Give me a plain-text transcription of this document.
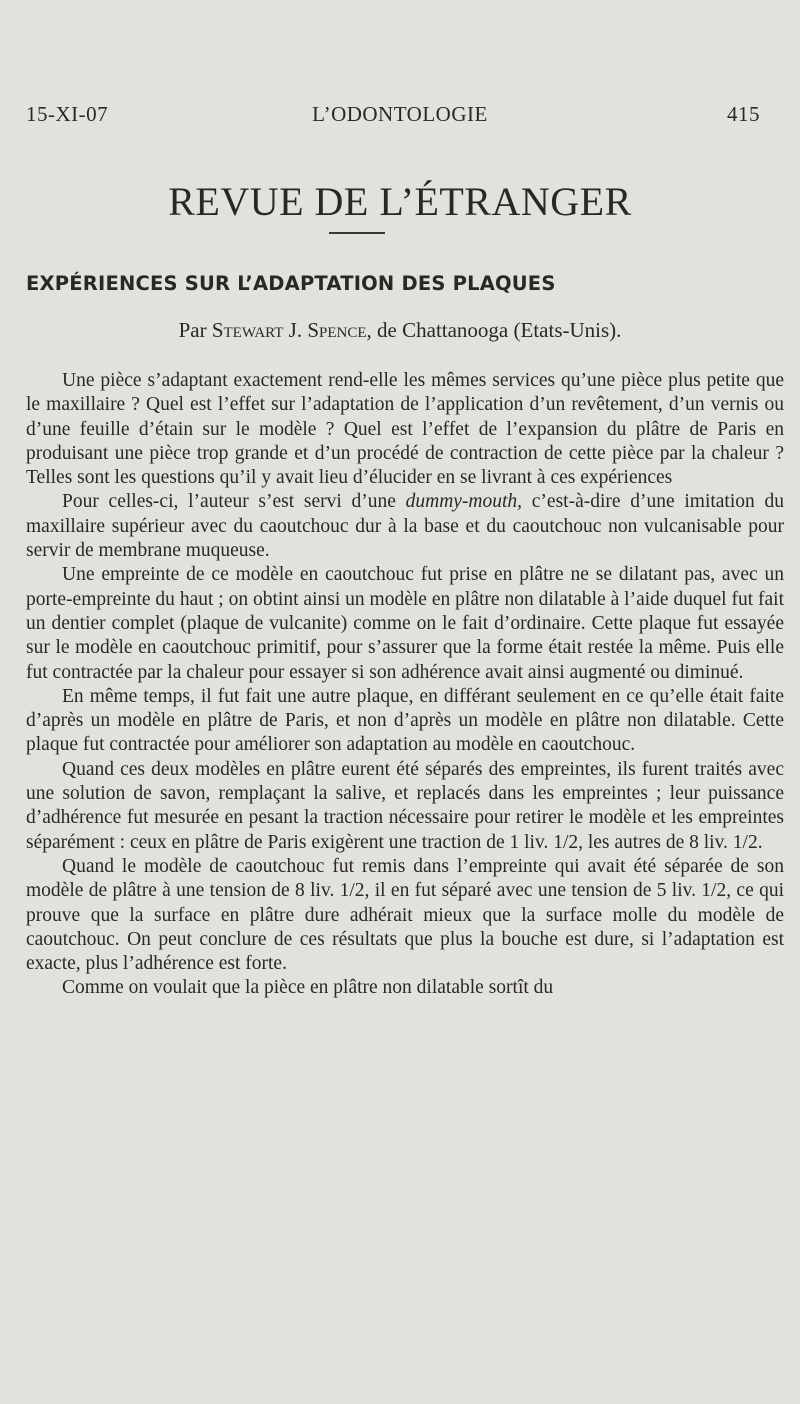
15-XI-07	L’ODONTOLOGIE	415
REVUE DE L’ÉTRANGER
EXPÉRIENCES SUR L’ADAPTATION DES PLAQUES
Par Stewart J. Spence, de Chattanooga (Etats-Unis).

Une pièce s’adaptant exactement rend-elle les mêmes services qu’une pièce plus petite que le maxillaire ? Quel est l’effet sur l’adaptation de l’application d’un revêtement, d’un vernis ou d’une feuille d’étain sur le modèle ? Quel est l’effet de l’expansion du plâtre de Paris en produisant une pièce trop grande et d’un procédé de contraction de cette pièce par la chaleur ? Telles sont les questions qu’il y avait lieu d’élucider en se livrant à ces expériences

Pour celles-ci, l’auteur s’est servi d’une dummy-mouth, c’est-à-dire d’une imitation du maxillaire supérieur avec du caoutchouc dur à la base et du caoutchouc non vulcanisable pour servir de membrane muqueuse.

Une empreinte de ce modèle en caoutchouc fut prise en plâtre ne se dilatant pas, avec un porte-empreinte du haut ; on obtint ainsi un modèle en plâtre non dilatable à l’aide duquel fut fait un dentier complet (plaque de vulcanite) comme on le fait d’ordinaire. Cette plaque fut essayée sur le modèle en caoutchouc primitif, pour s’assurer que la forme était restée la même. Puis elle fut contractée par la chaleur pour essayer si son adhérence avait ainsi augmenté ou diminué.

En même temps, il fut fait une autre plaque, en différant seulement en ce qu’elle était faite d’après un modèle en plâtre de Paris, et non d’après un modèle en plâtre non dilatable. Cette plaque fut contractée pour améliorer son adaptation au modèle en caoutchouc.

Quand ces deux modèles en plâtre eurent été séparés des empreintes, ils furent traités avec une solution de savon, remplaçant la salive, et replacés dans les empreintes ; leur puissance d’adhérence fut mesurée en pesant la traction nécessaire pour retirer le modèle et les empreintes séparément : ceux en plâtre de Paris exigèrent une traction de 1 liv. 1/2, les autres de 8 liv. 1/2.

Quand le modèle de caoutchouc fut remis dans l’empreinte qui avait été séparée de son modèle de plâtre à une tension de 8 liv. 1/2, il en fut séparé avec une tension de 5 liv. 1/2, ce qui prouve que la surface en plâtre dure adhérait mieux que la surface molle du modèle de caoutchouc. On peut conclure de ces résultats que plus la bouche est dure, si l’adaptation est exacte, plus l’adhérence est forte.

Comme on voulait que la pièce en plâtre non dilatable sortît du
